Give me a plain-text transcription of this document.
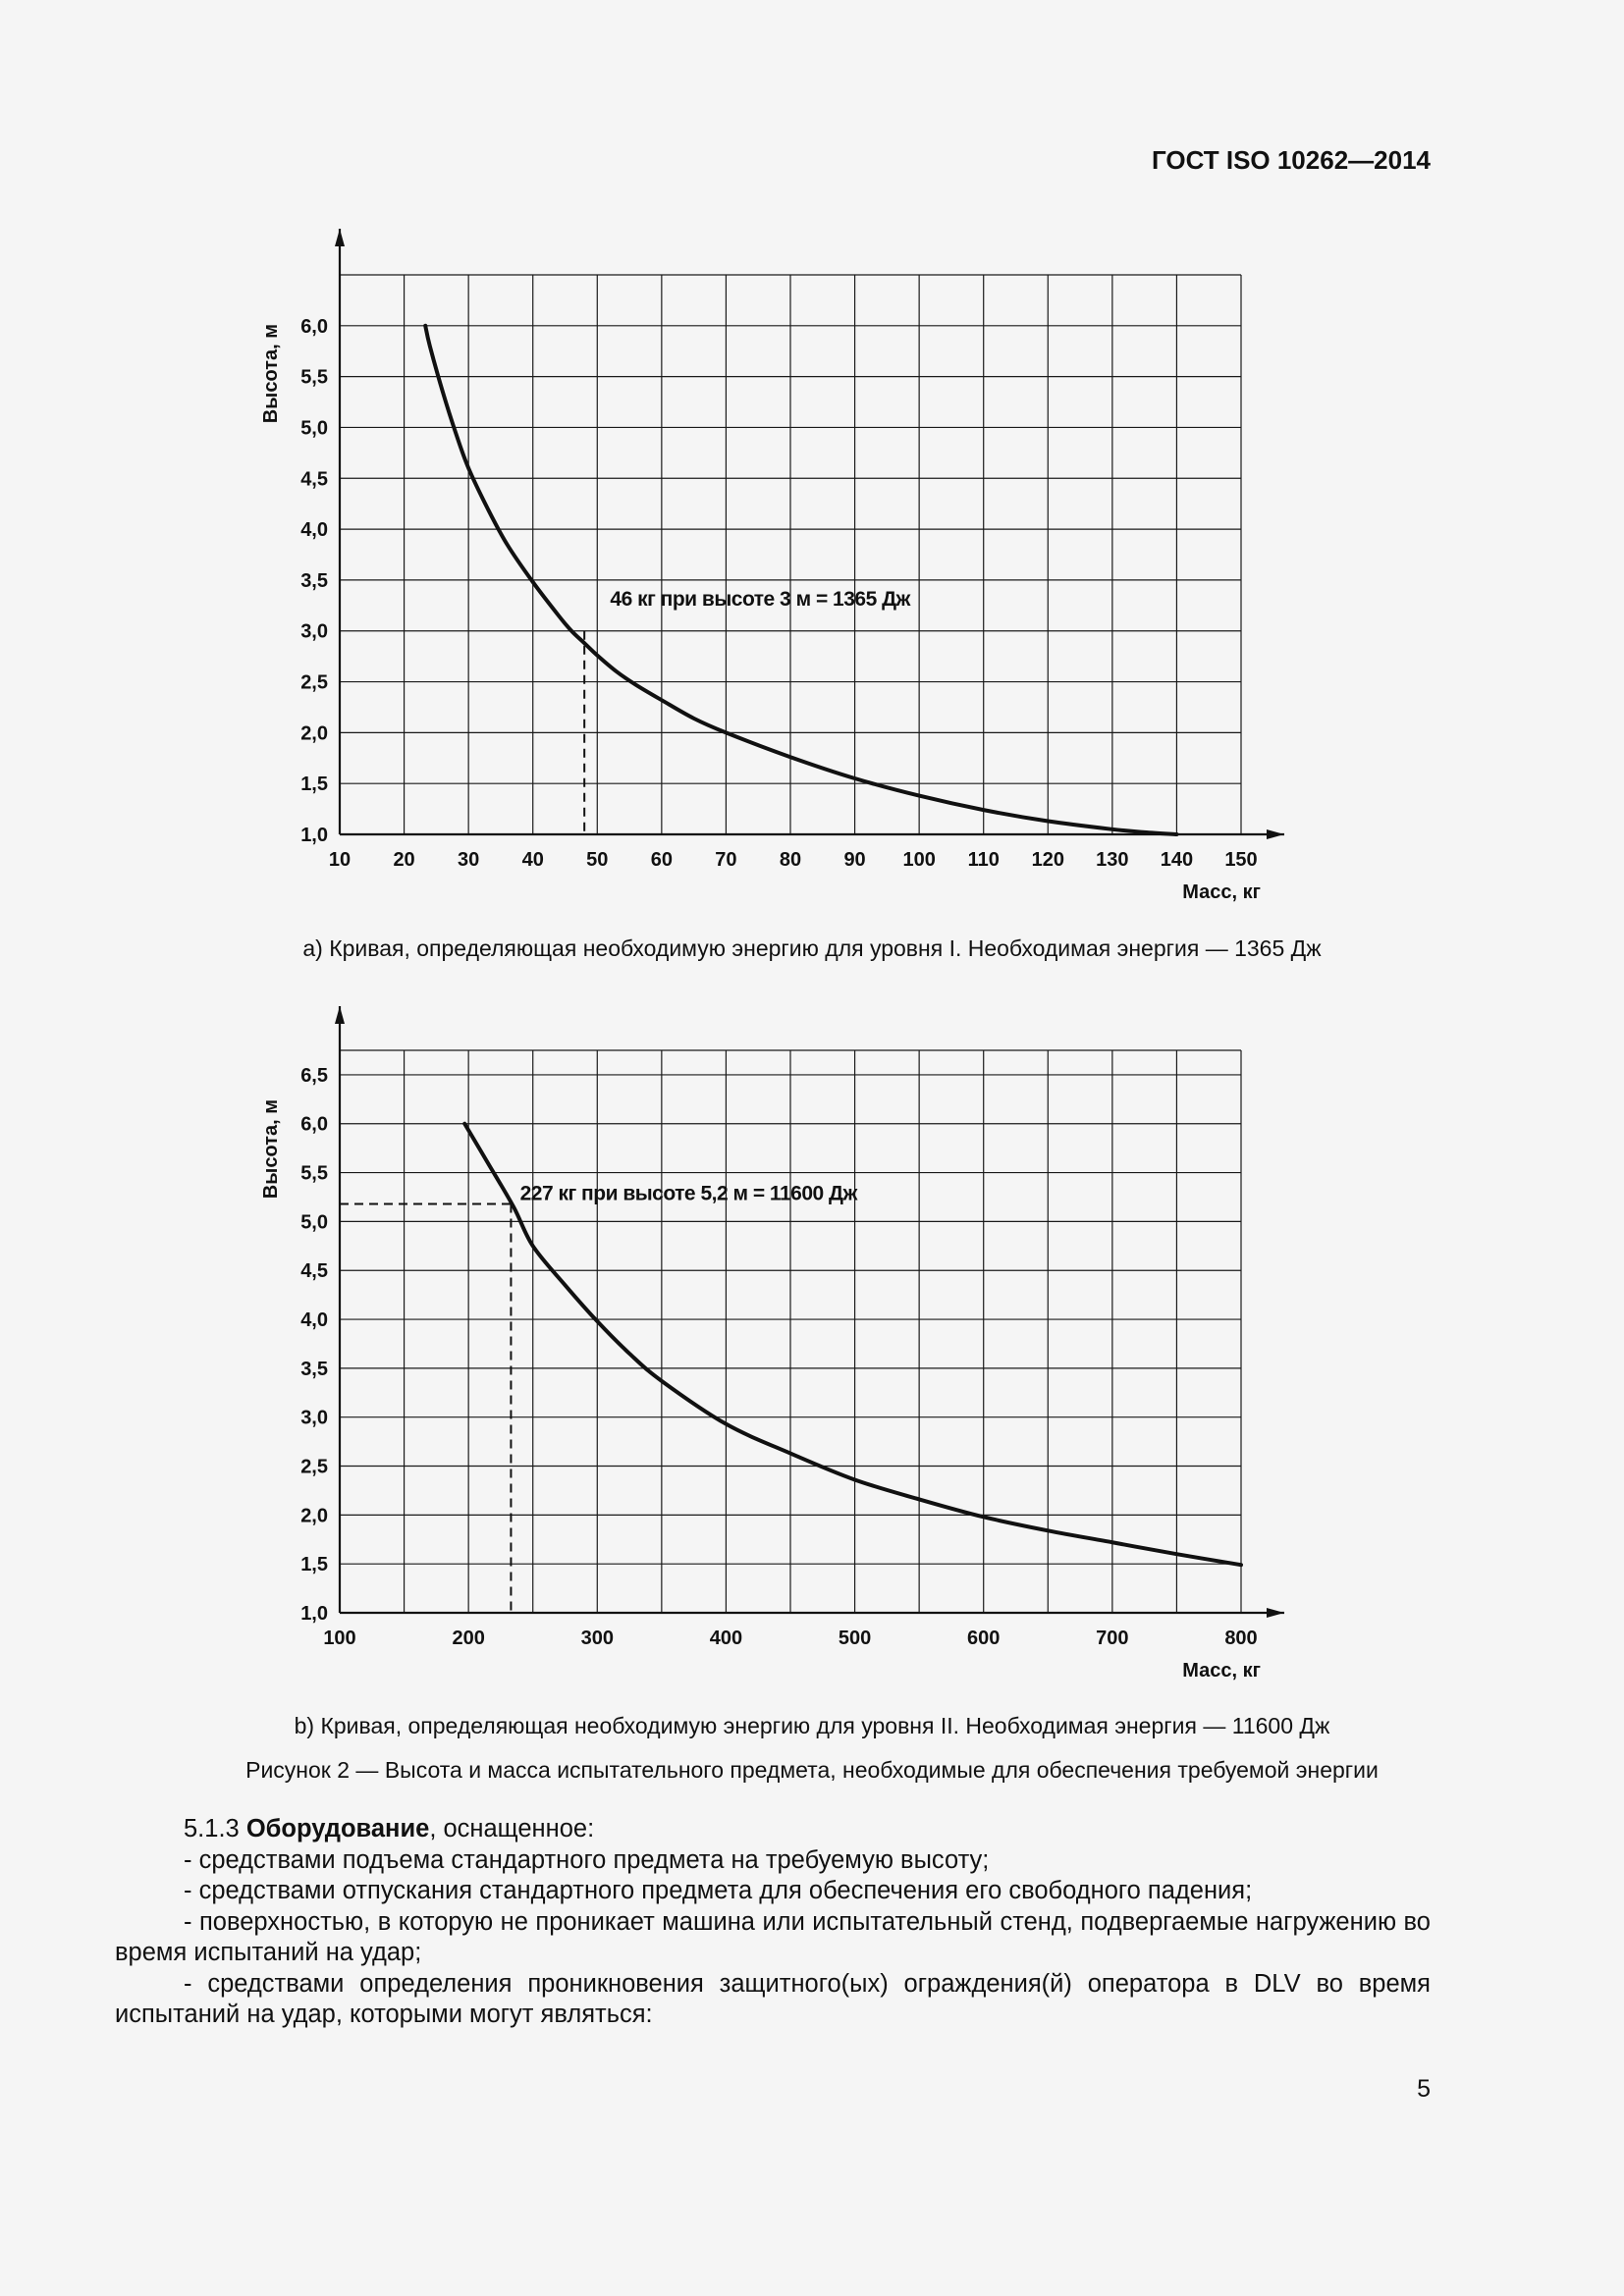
ГОСТ ISO 10262—2014
1,0
1,5
2,0
2,5
3,0
3,5
4,0
4,5
5,0
5,5
6,0
10 20 30 40 50 60 70 80 90 100 110 120 130 140 150
Высота, м
Масс, кг
46 кг при высоте 3 м = 1365 Дж
а) Кривая, определяющая необходимую энергию для уровня I. Необходимая энергия — 1365 Дж
1,0
1,5
2,0
2,5
3,0
3,5
4,0
4,5
5,0
5,5
6,0
6,5
100	200	300	400	500	600	700	800
Высота, м
Масс, кг
227 кг при высоте 5,2 м = 11600 Дж
b) Кривая, определяющая необходимую энергию для уровня II. Необходимая энергия — 11600 Дж
Рисунок 2 — Высота и масса испытательного предмета, необходимые для обеспечения требуемой энергии

5.1.3 Оборудование, оснащенное:

- средствами подъема стандартного предмета на требуемую высоту;

- средствами отпускания стандартного предмета для обеспечения его свободного падения;

- поверхностью, в которую не проникает машина или испытательный стенд, подвергаемые нагружению во время испытаний на удар;

- средствами определения проникновения защитного(ых) ограждения(й) оператора в DLV во время испытаний на удар, которыми могут являться:

5
